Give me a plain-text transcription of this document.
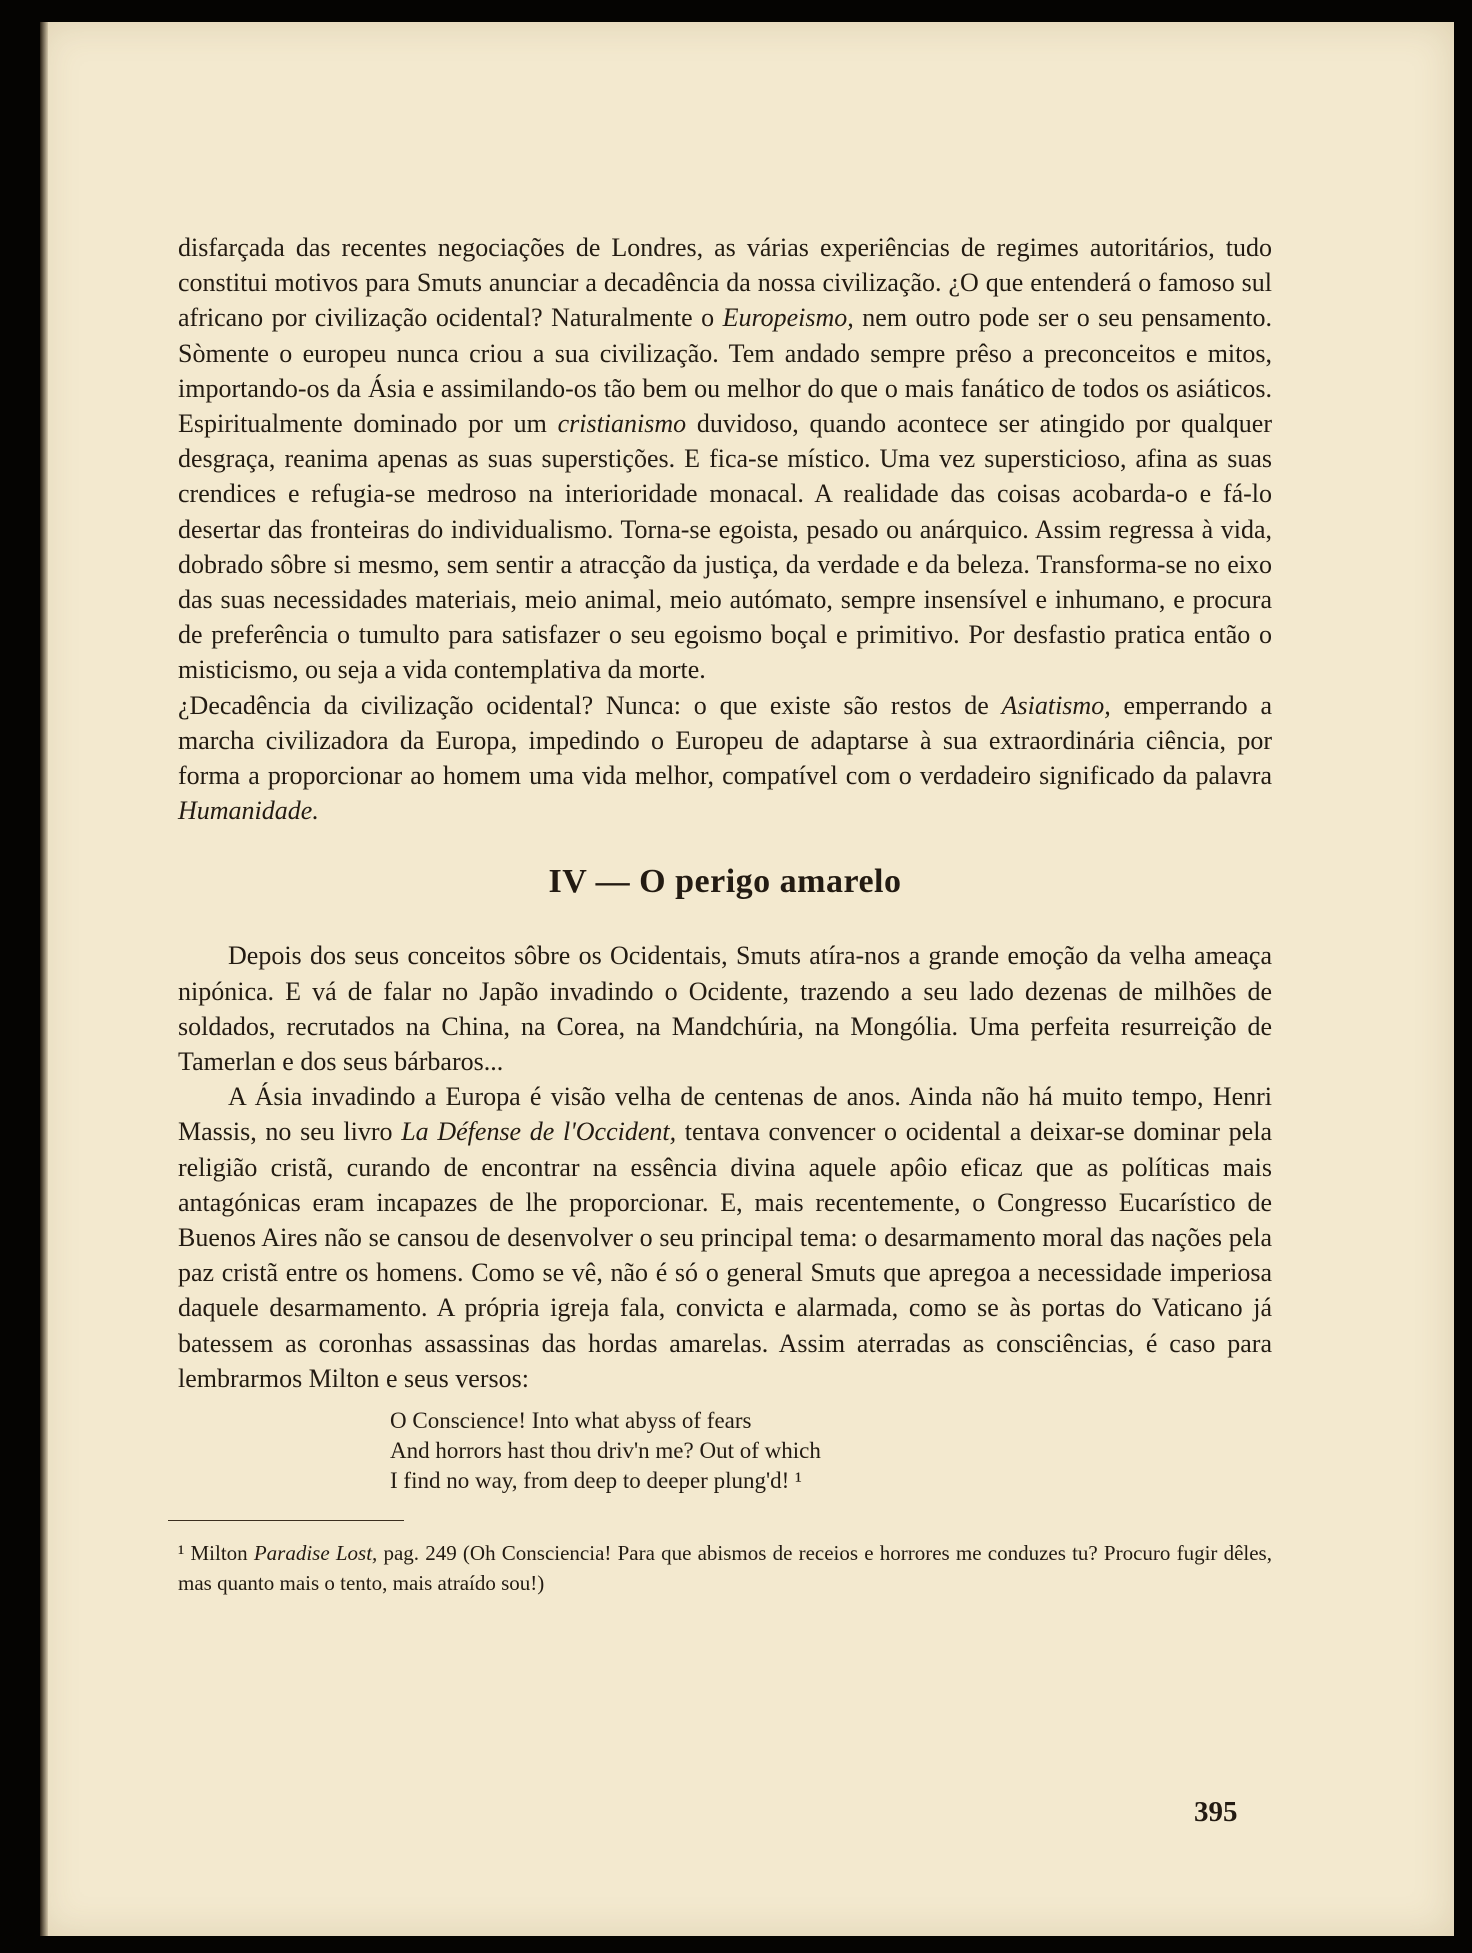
disfarçada das recentes negociações de Londres, as várias experiências de regimes autoritários, tudo constitui motivos para Smuts anunciar a decadência da nossa civilização. ¿O que entenderá o famoso sul africano por civilização ocidental? Naturalmente o Europeismo, nem outro pode ser o seu pensamento. Sòmente o europeu nunca criou a sua civilização. Tem andado sempre prêso a preconceitos e mitos, importando-os da Ásia e assimilando-os tão bem ou melhor do que o mais fanático de todos os asiáticos. Espiritualmente dominado por um cristianismo duvidoso, quando acontece ser atingido por qualquer desgraça, reanima apenas as suas superstições. E fica-se místico. Uma vez supersticioso, afina as suas crendices e refugia-se medroso na interioridade monacal. A realidade das coisas acobarda-o e fá-lo desertar das fronteiras do individualismo. Torna-se egoista, pesado ou anárquico. Assim regressa à vida, dobrado sôbre si mesmo, sem sentir a atracção da justiça, da verdade e da beleza. Transforma-se no eixo das suas necessidades materiais, meio animal, meio autómato, sempre insensível e inhumano, e procura de preferência o tumulto para satisfazer o seu egoismo boçal e primitivo. Por desfastio pratica então o misticismo, ou seja a vida contemplativa da morte.

¿Decadência da civilização ocidental? Nunca: o que existe são restos de Asiatismo, emperrando a marcha civilizadora da Europa, impedindo o Europeu de adaptarse à sua extraordinária ciência, por forma a proporcionar ao homem uma vida melhor, compatível com o verdadeiro significado da palavra Humanidade.

IV — O perigo amarelo

Depois dos seus conceitos sôbre os Ocidentais, Smuts atíra-nos a grande emoção da velha ameaça nipónica. E vá de falar no Japão invadindo o Ocidente, trazendo a seu lado dezenas de milhões de soldados, recrutados na China, na Corea, na Mandchúria, na Mongólia. Uma perfeita resurreição de Tamerlan e dos seus bárbaros...

A Ásia invadindo a Europa é visão velha de centenas de anos. Ainda não há muito tempo, Henri Massis, no seu livro La Défense de l'Occident, tentava convencer o ocidental a deixar-se dominar pela religião cristã, curando de encontrar na essência divina aquele apôio eficaz que as políticas mais antagónicas eram incapazes de lhe proporcionar. E, mais recentemente, o Congresso Eucarístico de Buenos Aires não se cansou de desenvolver o seu principal tema: o desarmamento moral das nações pela paz cristã entre os homens. Como se vê, não é só o general Smuts que apregoa a necessidade imperiosa daquele desarmamento. A própria igreja fala, convicta e alarmada, como se às portas do Vaticano já batessem as coronhas assassinas das hordas amarelas. Assim aterradas as consciências, é caso para lembrarmos Milton e seus versos:

O Conscience! Into what abyss of fears
And horrors hast thou driv'n me? Out of which
I find no way, from deep to deeper plung'd! ¹

¹ Milton Paradise Lost, pag. 249 (Oh Consciencia! Para que abismos de receios e horrores me conduzes tu? Procuro fugir dêles, mas quanto mais o tento, mais atraído sou!)

395
